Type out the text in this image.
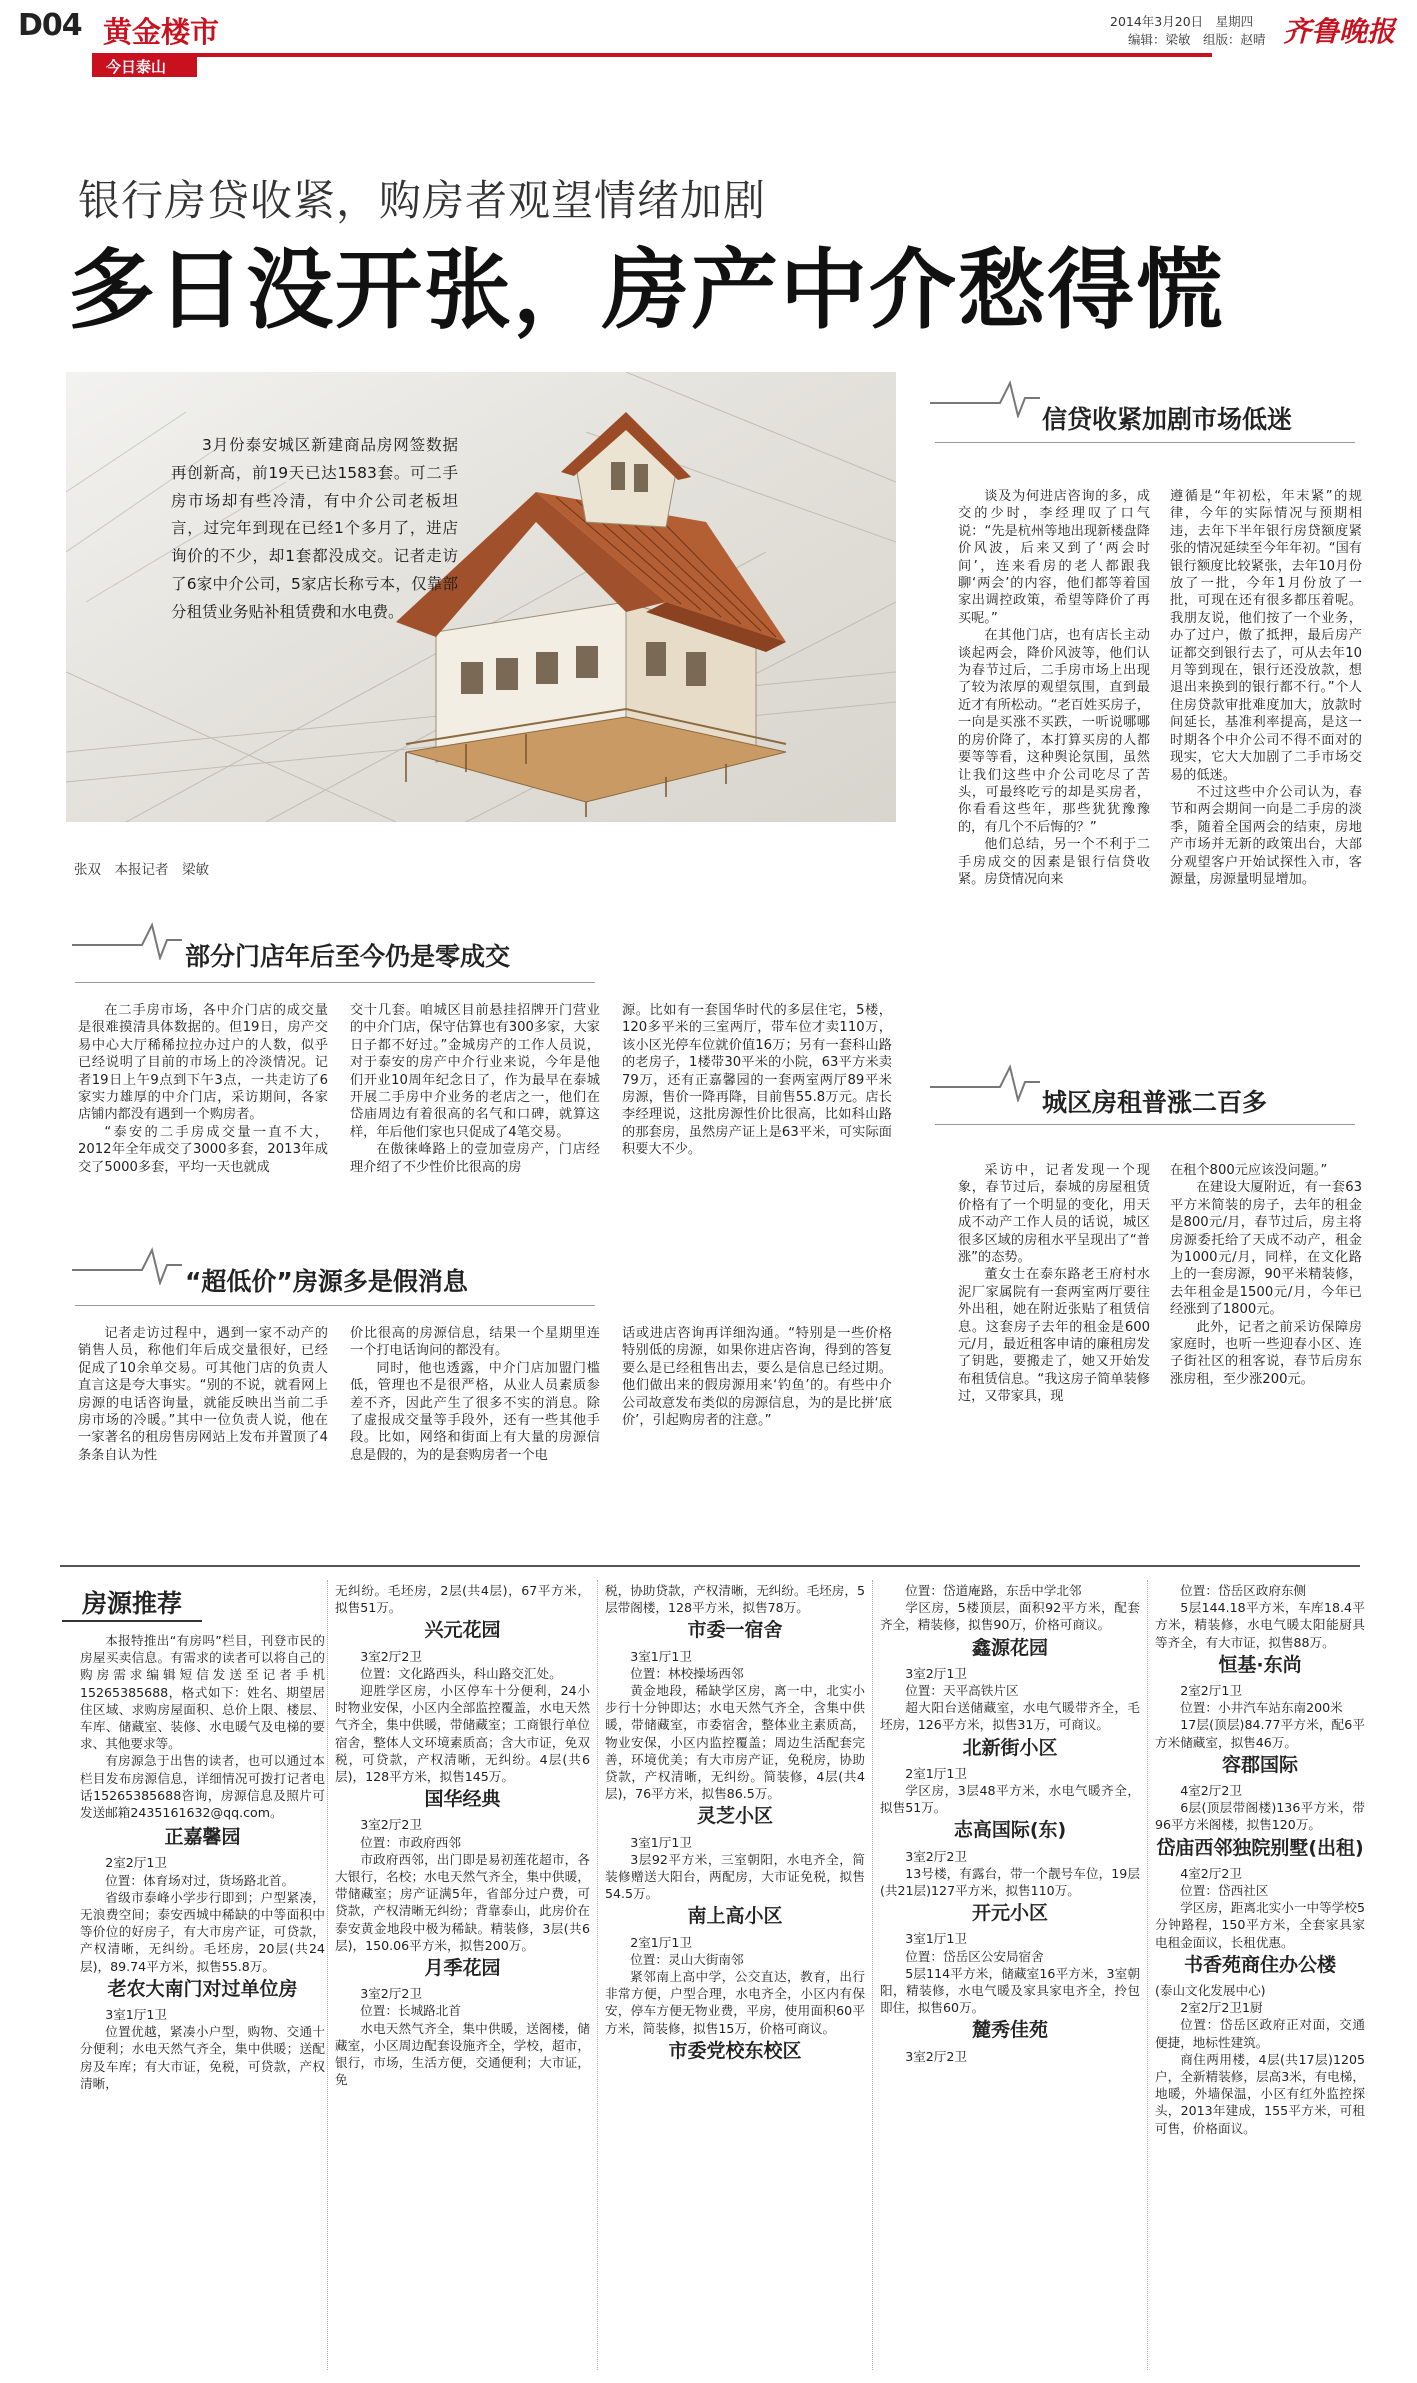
D04 黄金楼市
今日泰山
2014年3月20日　星期四
编辑：梁敏　组版：赵晴 齐鲁晚报
银行房贷收紧，购房者观望情绪加剧
多日没开张，房产中介愁得慌
3月份泰安城区新建商品房网签数据再创新高，前19天已达1583套。可二手房市场却有些冷清，有中介公司老板坦言，过完年到现在已经1个多月了，进店询价的不少，却1套都没成交。记者走访了6家中介公司，5家店长称亏本，仅靠部分租赁业务贴补租赁费和水电费。
张双　本报记者　梁敏
信贷收紧加剧市场低迷

谈及为何进店咨询的多，成交的少时，李经理叹了口气说：“先是杭州等地出现新楼盘降价风波，后来又到了‘两会时间’，连来看房的老人都跟我聊‘两会’的内容，他们都等着国家出调控政策，希望等降价了再买呢。”

在其他门店，也有店长主动谈起两会，降价风波等，他们认为春节过后，二手房市场上出现了较为浓厚的观望氛围，直到最近才有所松动。“老百姓买房子，一向是买涨不买跌，一听说哪哪的房价降了，本打算买房的人都要等等看，这种舆论氛围，虽然让我们这些中介公司吃尽了苦头，可最终吃亏的却是买房者，你看看这些年，那些犹犹豫豫的，有几个不后悔的？”

他们总结，另一个不利于二手房成交的因素是银行信贷收紧。房贷情况向来

遵循是“年初松，年末紧”的规律，今年的实际情况与预期相违，去年下半年银行房贷额度紧张的情况延续至今年年初。“国有银行额度比较紧张，去年10月份放了一批，今年1月份放了一批，可现在还有很多都压着呢。我朋友说，他们按了一个业务，办了过户，傲了抵押，最后房产证都交到银行去了，可从去年10月等到现在，银行还没放款，想退出来换到的银行都不行。”个人住房贷款审批难度加大，放款时间延长，基准利率提高，是这一时期各个中介公司不得不面对的现实，它大大加剧了二手市场交易的低迷。

不过这些中介公司认为，春节和两会期间一向是二手房的淡季，随着全国两会的结束，房地产市场并无新的政策出台，大部分观望客户开始试探性入市，客源量，房源量明显增加。

城区房租普涨二百多

采访中，记者发现一个现象，春节过后，泰城的房屋租赁价格有了一个明显的变化，用天成不动产工作人员的话说，城区很多区域的房租水平呈现出了“普涨”的态势。

董女士在泰东路老王府村水泥厂家属院有一套两室两厅要往外出租，她在附近张贴了租赁信息。这套房子去年的租金是600元/月，最近租客申请的廉租房发了钥匙，要搬走了，她又开始发布租赁信息。“我这房子简单装修过，又带家具，现

在租个800元应该没问题。”

在建设大厦附近，有一套63平方米简装的房子，去年的租金是800元/月，春节过后，房主将房源委托给了天成不动产，租金为1000元/月，同样，在文化路上的一套房源，90平米精装修，去年租金是1500元/月，今年已经涨到了1800元。

此外，记者之前采访保障房家庭时，也听一些迎春小区、连子街社区的租客说，春节后房东涨房租，至少涨200元。

部分门店年后至今仍是零成交

在二手房市场，各中介门店的成交量是很难摸清具体数据的。但19日，房产交易中心大厅稀稀拉拉办过户的人数，似乎已经说明了目前的市场上的冷淡情况。记者19日上午9点到下午3点，一共走访了6家实力雄厚的中介门店，采访期间，各家店铺内都没有遇到一个购房者。

“泰安的二手房成交量一直不大，2012年全年成交了3000多套，2013年成交了5000多套，平均一天也就成

交十几套。咱城区目前悬挂招牌开门营业的中介门店，保守估算也有300多家，大家日子都不好过。”金城房产的工作人员说，对于泰安的房产中介行业来说，今年是他们开业10周年纪念日了，作为最早在泰城开展二手房中介业务的老店之一，他们在岱庙周边有着很高的名气和口碑，就算这样，年后他们家也只促成了4笔交易。

在傲徕峰路上的壹加壹房产，门店经理介绍了不少性价比很高的房

源。比如有一套国华时代的多层住宅，5楼，120多平米的三室两厅，带车位才卖110万，该小区光停车位就价值16万；另有一套科山路的老房子，1楼带30平米的小院，63平方米卖79万，还有正嘉馨园的一套两室两厅89平米房源，售价一降再降，目前售55.8万元。店长李经理说，这批房源性价比很高，比如科山路的那套房，虽然房产证上是63平米，可实际面积要大不少。

“超低价”房源多是假消息

记者走访过程中，遇到一家不动产的销售人员，称他们年后成交量很好，已经促成了10余单交易。可其他门店的负责人直言这是夸大事实。“别的不说，就看网上房源的电话咨询量，就能反映出当前二手房市场的冷暖。”其中一位负责人说，他在一家著名的租房售房网站上发布并置顶了4条条自认为性

价比很高的房源信息，结果一个星期里连一个打电话询问的都没有。

同时，他也透露，中介门店加盟门槛低，管理也不是很严格，从业人员素质参差不齐，因此产生了很多不实的消息。除了虚报成交量等手段外，还有一些其他手段。比如，网络和街面上有大量的房源信息是假的，为的是套购房者一个电

话或进店咨询再详细沟通。“特别是一些价格特别低的房源，如果你进店咨询，得到的答复要么是已经租售出去，要么是信息已经过期。他们做出来的假房源用来‘钓鱼’的。有些中介公司故意发布类似的房源信息，为的是比拼‘底价’，引起购房者的注意。”

房源推荐
本报特推出“有房吗”栏目，刊登市民的房屋买卖信息。有需求的读者可以将自己的购房需求编辑短信发送至记者手机15265385688，格式如下：姓名、期望居住区域、求购房屋面积、总价上限、楼层、车库、储藏室、装修、水电暖气及电梯的要求、其他要求等。
有房源急于出售的读者，也可以通过本栏目发布房源信息，详细情况可拨打记者电话15265385688咨询，房源信息及照片可发送邮箱2435161632@qq.com。
正嘉馨园
2室2厅1卫
位置：体育场对过，货场路北首。
省级市泰峰小学步行即到；户型紧凑，无浪费空间；泰安西城中稀缺的中等面积中等价位的好房子，有大市房产证，可贷款，产权清晰，无纠纷。毛坯房，20层(共24层)，89.74平方米，拟售55.8万。
老农大南门对过单位房
3室1厅1卫
位置优越，紧凑小户型，购物、交通十分便利；水电天然气齐全，集中供暖；送配房及车库；有大市证，免税，可贷款，产权清晰，
无纠纷。毛坯房，2层(共4层)，67平方米，拟售51万。
兴元花园
3室2厅2卫
位置：文化路西头，科山路交汇处。
迎胜学区房，小区停车十分便利，24小时物业安保，小区内全部监控覆盖，水电天然气齐全，集中供暖，带储藏室；工商银行单位宿舍，整体人文环境素质高；含大市证，免双税，可贷款，产权清晰，无纠纷。4层(共6层)，128平方米，拟售145万。
国华经典
3室2厅2卫
位置：市政府西邻
市政府西邻，出门即是易初莲花超市，各大银行，名校；水电天然气齐全，集中供暖，带储藏室；房产证满5年，省部分过户费，可贷款，产权清晰无纠纷；背靠泰山，此房价在泰安黄金地段中极为稀缺。精装修，3层(共6层)，150.06平方米，拟售200万。
月季花园
3室2厅2卫
位置：长城路北首
水电天然气齐全，集中供暖，送阁楼，储藏室，小区周边配套设施齐全，学校，超市，银行，市场，生活方便，交通便利；大市证，免
税，协助贷款，产权清晰，无纠纷。毛坯房，5层带阁楼，128平方米，拟售78万。
市委一宿舍
3室1厅1卫
位置：林校操场西邻
黄金地段，稀缺学区房，离一中，北实小步行十分钟即达；水电天然气齐全，含集中供暖，带储藏室，市委宿舍，整体业主素质高，物业安保，小区内监控覆盖；周边生活配套完善，环境优美；有大市房产证，免税房，协助贷款，产权清晰，无纠纷。简装修，4层(共4层)，76平方米，拟售86.5万。
灵芝小区
3室1厅1卫
3层92平方米，三室朝阳，水电齐全，简装修赠送大阳台，两配房，大市证免税，拟售54.5万。
南上高小区
2室1厅1卫
位置：灵山大街南邻
紧邻南上高中学，公交直达，教育，出行非常方便，户型合理，水电齐全，小区内有保安，停车方便无物业费，平房，使用面积60平方米，简装修，拟售15万，价格可商议。
市委党校东校区
位置：岱道庵路，东岳中学北邻
学区房，5楼顶层，面积92平方米，配套齐全，精装修，拟售90万，价格可商议。
鑫源花园
3室2厅1卫
位置：天平高铁片区
超大阳台送储藏室，水电气暖带齐全，毛坯房，126平方米，拟售31万，可商议。
北新街小区
2室1厅1卫
学区房，3层48平方米，水电气暖齐全，拟售51万。
志高国际(东)
3室2厅2卫
13号楼，有露台，带一个靓号车位，19层(共21层)127平方米，拟售110万。
开元小区
3室1厅1卫
位置：岱岳区公安局宿舍
5层114平方米，储藏室16平方米，3室朝阳，精装修，水电气暖及家具家电齐全，拎包即住，拟售60万。
麓秀佳苑
3室2厅2卫
位置：岱岳区政府东侧
5层144.18平方米，车库18.4平方米，精装修，水电气暖太阳能厨具等齐全，有大市证，拟售88万。
恒基·东尚
2室2厅1卫
位置：小井汽车站东南200米
17层(顶层)84.77平方米，配6平方米储藏室，拟售46万。
容郡国际
4室2厅2卫
6层(顶层带阁楼)136平方米，带96平方米阁楼，拟售120万。
岱庙西邻独院别墅(出租)
4室2厅2卫
位置：岱西社区
学区房，距离北实小一中等学校5分钟路程，150平方米，全套家具家电租金面议，长租优惠。
书香苑商住办公楼
(泰山文化发展中心)
2室2厅2卫1厨
位置：岱岳区政府正对面，交通便捷，地标性建筑。
商住两用楼，4层(共17层)1205户，全新精装修，层高3米，有电梯，地暖，外墙保温，小区有红外监控探头，2013年建成，155平方米，可租可售，价格面议。
